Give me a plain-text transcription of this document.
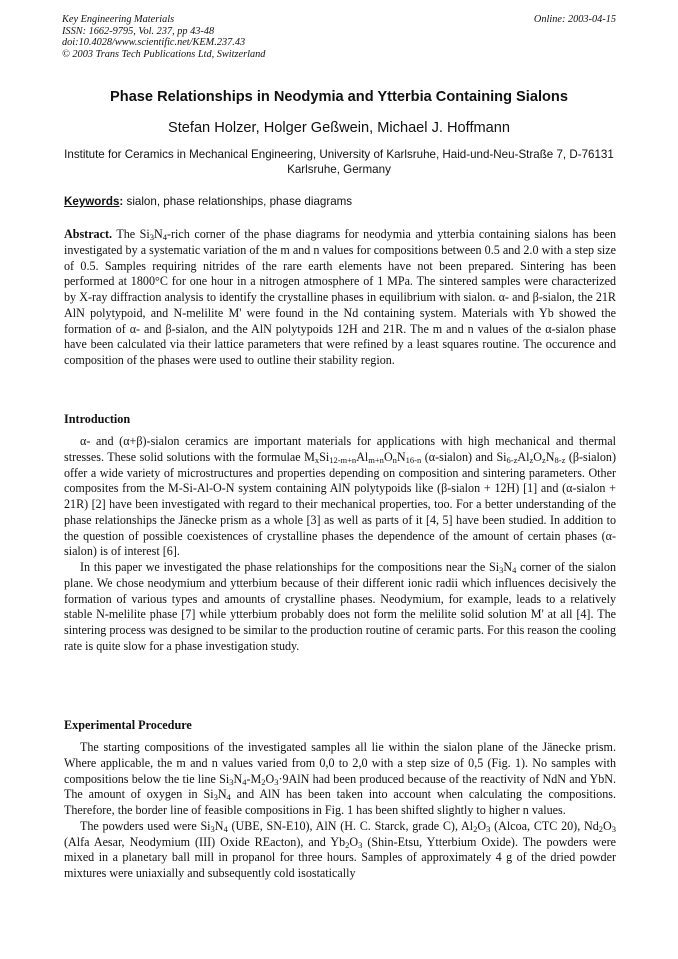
Key Engineering Materials
ISSN: 1662-9795, Vol. 237, pp 43-48
doi:10.4028/www.scientific.net/KEM.237.43
© 2003 Trans Tech Publications Ltd, Switzerland
Online: 2003-04-15
Phase Relationships in Neodymia and Ytterbia Containing Sialons
Stefan Holzer, Holger Geßwein, Michael J. Hoffmann
Institute for Ceramics in Mechanical Engineering, University of Karlsruhe, Haid-und-Neu-Straße 7, D-76131 Karlsruhe, Germany
Keywords: sialon, phase relationships, phase diagrams

Abstract. The $Si_3N_4$-rich corner of the phase diagrams for neodymia and ytterbia containing sialons has been investigated by a systematic variation of the m and n values for compositions between 0.5 and 2.0 with a step size of 0.5. Samples requiring nitrides of the rare earth elements have not been prepared. Sintering has been performed at 1800°C for one hour in a nitrogen atmosphere of 1 MPa. The sintered samples were characterized by X-ray diffraction analysis to identify the crystalline phases in equilibrium with sialon. α- and β-sialon, the 21R AlN polytypoid, and N-melilite M' were found in the Nd containing system. Materials with Yb showed the formation of α- and β-sialon, and the AlN polytypoids 12H and 21R. The m and n values of the α-sialon phase have been calculated via their lattice parameters that were refined by a least squares routine. The occurence and composition of the phases were used to outline their stability region.

Introduction

α- and (α+β)-sialon ceramics are important materials for applications with high mechanical and thermal stresses. These solid solutions with the formulae $M_xSi_{12-m+n}Al_{m+n}O_nN_{16-n}$ (α-sialon) and $Si_{6-z}Al_zO_zN_{8-z}$ (β-sialon) offer a wide variety of microstructures and properties depending on composition and sintering parameters. Other composites from the M-Si-Al-O-N system containing AlN polytypoids like (β-sialon + 12H) [1] and (α-sialon + 21R) [2] have been investigated with regard to their mechanical properties, too. For a better understanding of the phase relationships the Jänecke prism as a whole [3] as well as parts of it [4, 5] have been studied. In addition to the question of possible coexistences of crystalline phases the dependence of the amount of certain phases (α-sialon) is of interest [6].

In this paper we investigated the phase relationships for the compositions near the $Si_3N_4$ corner of the sialon plane. We chose neodymium and ytterbium because of their different ionic radii which influences decisively the formation of various types and amounts of crystalline phases. Neodymium, for example, leads to a relatively stable N-melilite phase [7] while ytterbium probably does not form the melilite solid solution M' at all [4]. The sintering process was designed to be similar to the production routine of ceramic parts. For this reason the cooling rate is quite slow for a phase investigation study.

Experimental Procedure

The starting compositions of the investigated samples all lie within the sialon plane of the Jänecke prism. Where applicable, the m and n values varied from 0,0 to 2,0 with a step size of 0,5 (Fig. 1). No samples with compositions below the tie line $Si_3N_4-M_2O_3\cdot 9AlN$ had been produced because of the reactivity of NdN and YbN. The amount of oxygen in $Si_3N_4$ and AlN has been taken into account when calculating the compositions. Therefore, the border line of feasible compositions in Fig. 1 has been shifted slightly to higher n values.

The powders used were $Si_3N_4$ (UBE, SN-E10), AlN (H. C. Starck, grade C), $Al_2O_3$ (Alcoa, CTC 20), $Nd_2O_3$ (Alfa Aesar, Neodymium (III) Oxide REacton), and $Yb_2O_3$ (Shin-Etsu, Ytterbium Oxide). The powders were mixed in a planetary ball mill in propanol for three hours. Samples of approximately 4 g of the dried powder mixtures were uniaxially and subsequently cold isostatically
